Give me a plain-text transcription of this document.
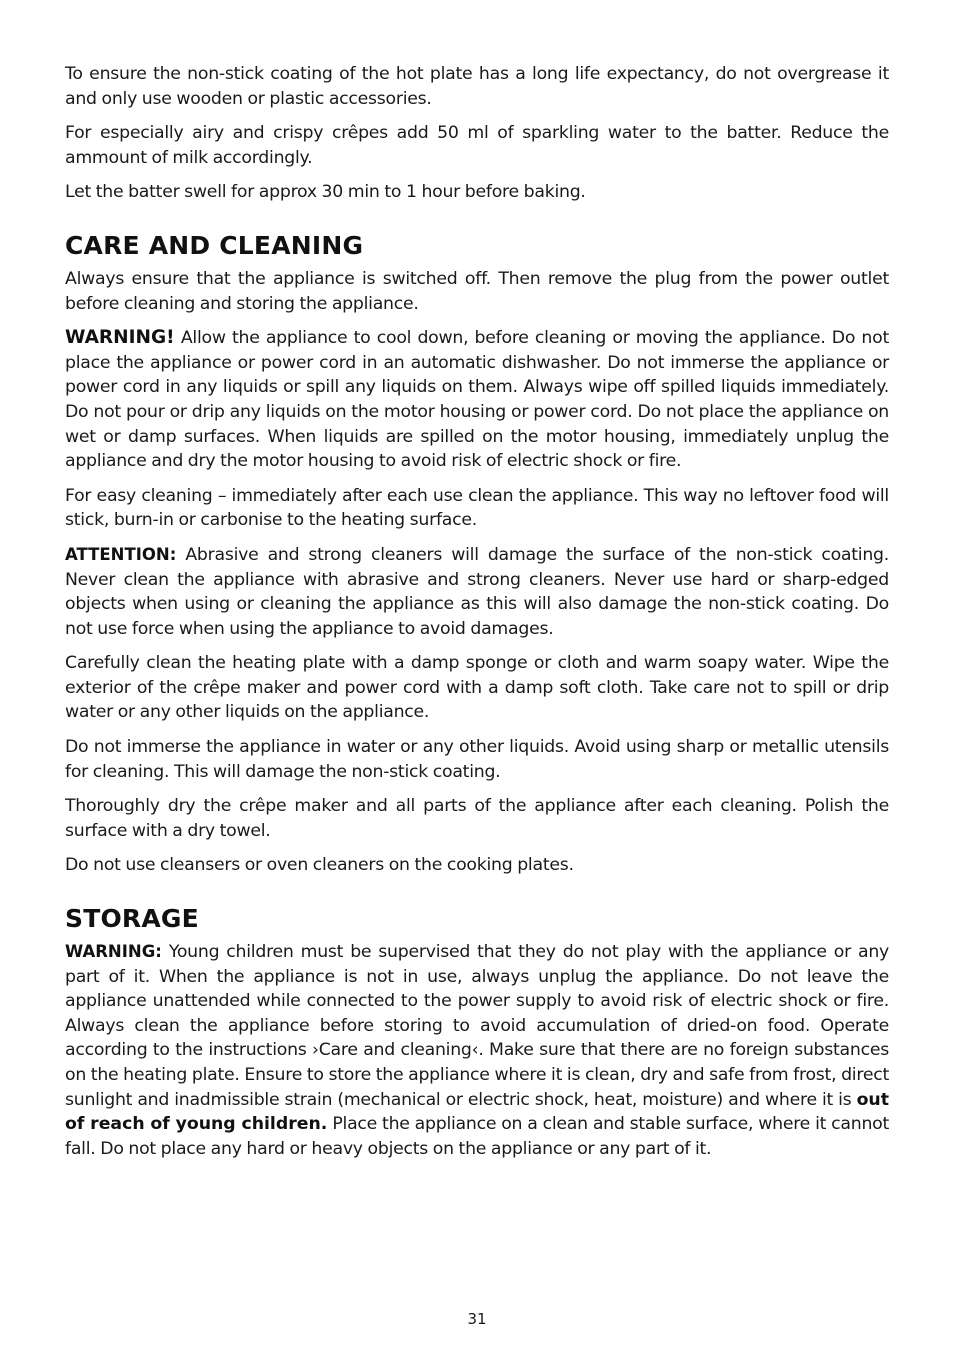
To ensure the non-stick coating of the hot plate has a long life expectancy, do not overgrease it and only use wooden or plastic accessories.

For especially airy and crispy crêpes add 50 ml of sparkling water to the batter. Reduce the ammount of milk accordingly.

Let the batter swell for approx 30 min to 1 hour before baking.

CARE AND CLEANING

Always ensure that the appliance is switched off. Then remove the plug from the power outlet before cleaning and storing the appliance.

WARNING! Allow the appliance to cool down, before cleaning or moving the appliance. Do not place the appliance or power cord in an automatic dishwasher. Do not immerse the appliance or power cord in any liquids or spill any liquids on them. Always wipe off spilled liquids immediately. Do not pour or drip any liquids on the motor housing or power cord. Do not place the appliance on wet or damp surfaces. When liquids are spilled on the motor housing, immediately unplug the appliance and dry the motor housing to avoid risk of electric shock or fire.

For easy cleaning – immediately after each use clean the appliance. This way no leftover food will stick, burn-in or carbonise to the heating surface.

ATTENTION: Abrasive and strong cleaners will damage the surface of the non-stick coating. Never clean the appliance with abrasive and strong cleaners. Never use hard or sharp-edged objects when using or cleaning the appliance as this will also damage the non-stick coating. Do not use force when using the appliance to avoid damages.

Carefully clean the heating plate with a damp sponge or cloth and warm soapy water. Wipe the exterior of the crêpe maker and power cord with a damp soft cloth. Take care not to spill or drip water or any other liquids on the appliance.

Do not immerse the appliance in water or any other liquids. Avoid using sharp or metallic utensils for cleaning. This will damage the non-stick coating.

Thoroughly dry the crêpe maker and all parts of the appliance after each cleaning. Polish the surface with a dry towel.

Do not use cleansers or oven cleaners on the cooking plates.

STORAGE

WARNING: Young children must be supervised that they do not play with the appliance or any part of it. When the appliance is not in use, always unplug the appliance. Do not leave the appliance unattended while connected to the power supply to avoid risk of electric shock or fire. Always clean the appliance before storing to avoid accumulation of dried-on food. Operate according to the instructions ›Care and cleaning‹. Make sure that there are no foreign substances on the heating plate. Ensure to store the appliance where it is clean, dry and safe from frost, direct sunlight and inadmissible strain (mechanical or electric shock, heat, moisture) and where it is out of reach of young children. Place the appliance on a clean and stable surface, where it cannot fall. Do not place any hard or heavy objects on the appliance or any part of it.

31
